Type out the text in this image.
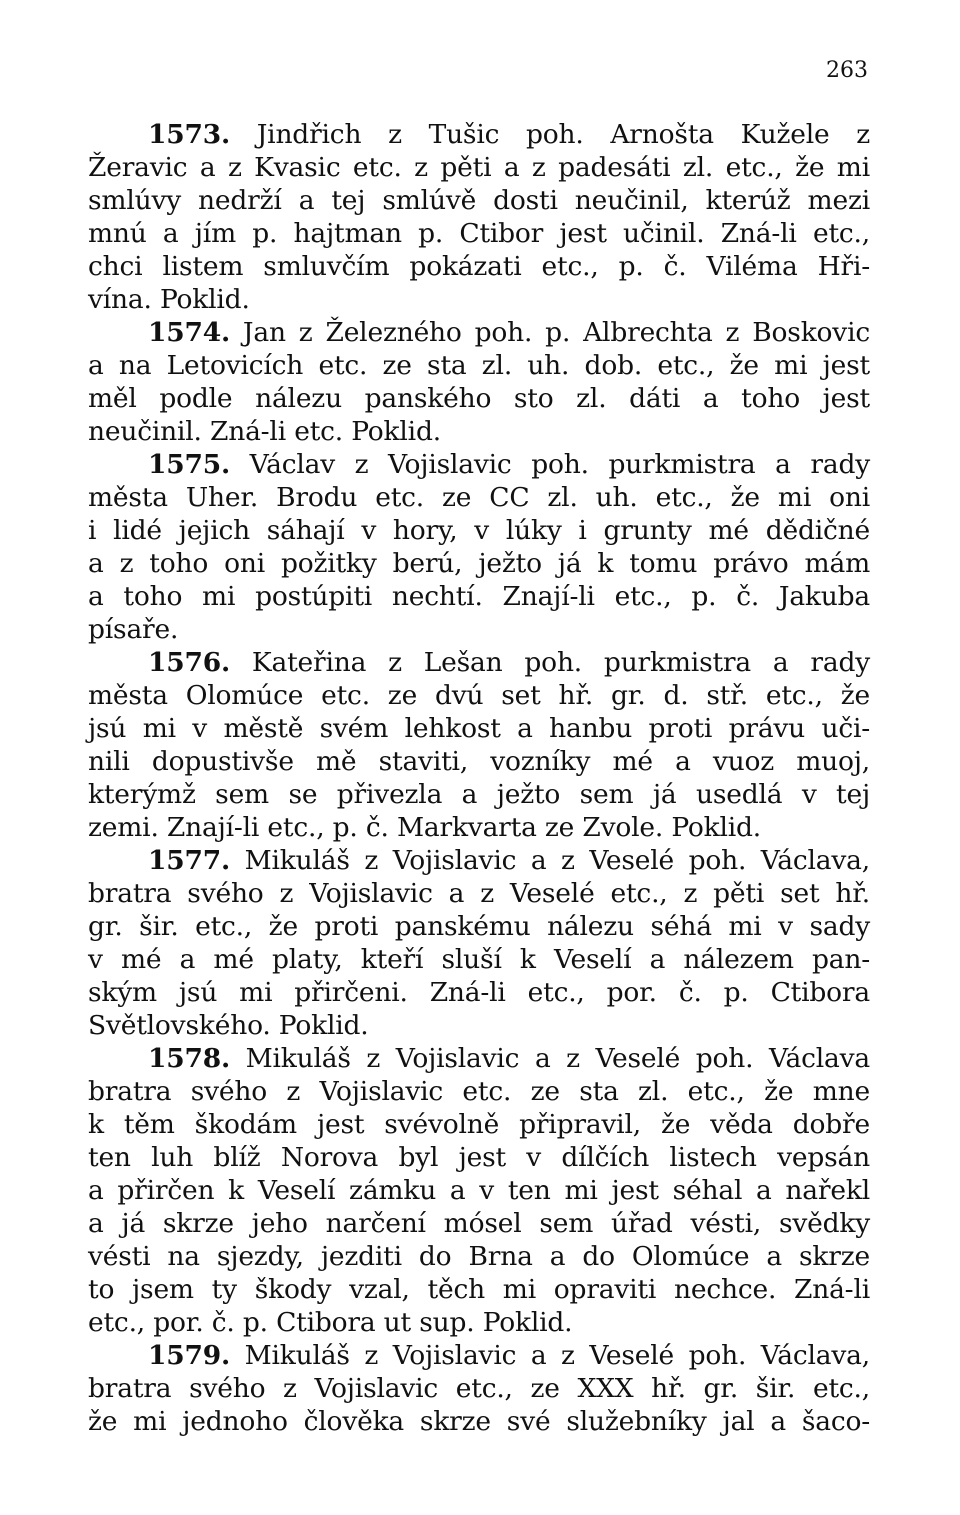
263
1573. Jindřich z Tušic poh. Arnošta Kužele z
Žeravic a z Kvasic etc. z pěti a z padesáti zl. etc., že mi
smlúvy nedrží a tej smlúvě dosti neučinil, kterúž mezi
mnú a jím p. hajtman p. Ctibor jest učinil. Zná-li etc.,
chci listem smluvčím pokázati etc., p. č. Viléma Hři-
vína. Poklid.
1574. Jan z Železného poh. p. Albrechta z Boskovic
a na Letovicích etc. ze sta zl. uh. dob. etc., že mi jest
měl podle nálezu panského sto zl. dáti a toho jest
neučinil. Zná-li etc. Poklid.
1575. Václav z Vojislavic poh. purkmistra a rady
města Uher. Brodu etc. ze CC zl. uh. etc., že mi oni
i lidé jejich sáhají v hory, v lúky i grunty mé dědičné
a z toho oni požitky berú, ježto já k tomu právo mám
a toho mi postúpiti nechtí. Znají-li etc., p. č. Jakuba
písaře.
1576. Kateřina z Lešan poh. purkmistra a rady
města Olomúce etc. ze dvú set hř. gr. d. stř. etc., že
jsú mi v městě svém lehkost a hanbu proti právu uči-
nili dopustivše mě staviti, vozníky mé a vuoz muoj,
kterýmž sem se přivezla a ježto sem já usedlá v tej
zemi. Znají-li etc., p. č. Markvarta ze Zvole. Poklid.
1577. Mikuláš z Vojislavic a z Veselé poh. Václava,
bratra svého z Vojislavic a z Veselé etc., z pěti set hř.
gr. šir. etc., že proti panskému nálezu séhá mi v sady
v mé a mé platy, kteří sluší k Veselí a nálezem pan-
ským jsú mi přirčeni. Zná-li etc., por. č. p. Ctibora
Světlovského. Poklid.
1578. Mikuláš z Vojislavic a z Veselé poh. Václava
bratra svého z Vojislavic etc. ze sta zl. etc., že mne
k těm škodám jest svévolně připravil, že věda dobře
ten luh blíž Norova byl jest v dílčích listech vepsán
a přirčen k Veselí zámku a v ten mi jest séhal a nařekl
a já skrze jeho narčení mósel sem úřad vésti, svědky
vésti na sjezdy, jezditi do Brna a do Olomúce a skrze
to jsem ty škody vzal, těch mi opraviti nechce. Zná-li
etc., por. č. p. Ctibora ut sup. Poklid.
1579. Mikuláš z Vojislavic a z Veselé poh. Václava,
bratra svého z Vojislavic etc., ze XXX hř. gr. šir. etc.,
že mi jednoho člověka skrze své služebníky jal a šaco-
